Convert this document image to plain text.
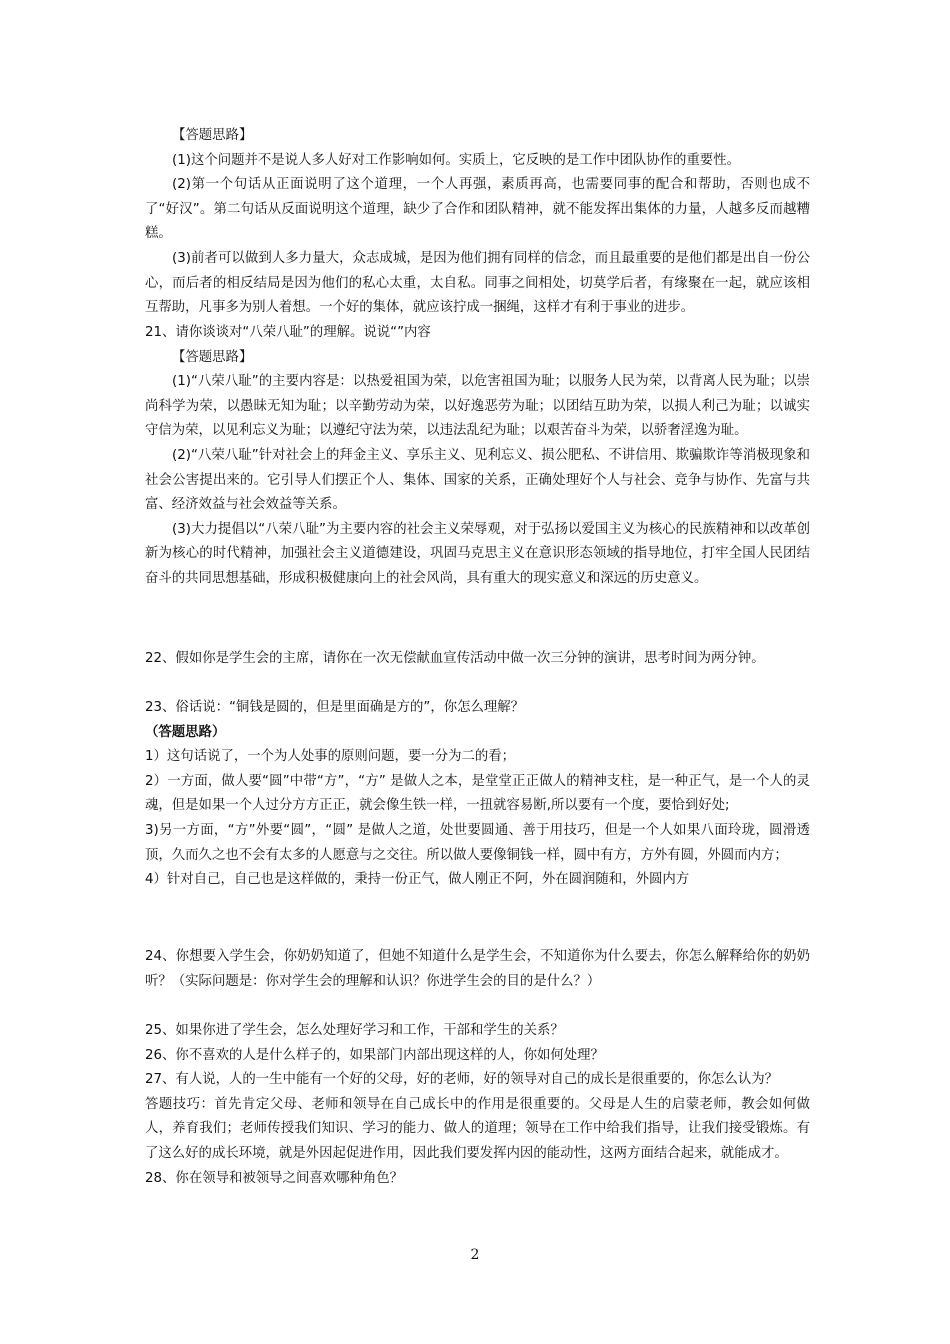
【答题思路】

(1)这个问题并不是说人多人好对工作影响如何。实质上，它反映的是工作中团队协作的重要性。

(2)第一个句话从正面说明了这个道理，一个人再强，素质再高，也需要同事的配合和帮助，否则也成不了“好汉”。第二句话从反面说明这个道理，缺少了合作和团队精神，就不能发挥出集体的力量，人越多反而越糟糕。

(3)前者可以做到人多力量大，众志成城，是因为他们拥有同样的信念，而且最重要的是他们都是出自一份公心，而后者的相反结局是因为他们的私心太重，太自私。同事之间相处，切莫学后者，有缘聚在一起，就应该相互帮助，凡事多为别人着想。一个好的集体，就应该拧成一捆绳，这样才有利于事业的进步。

21、请你谈谈对“八荣八耻”的理解。说说“”内容

【答题思路】

(1)“八荣八耻”的主要内容是：以热爱祖国为荣，以危害祖国为耻；以服务人民为荣，以背离人民为耻；以崇尚科学为荣，以愚昧无知为耻；以辛勤劳动为荣，以好逸恶劳为耻；以团结互助为荣，以损人利己为耻；以诚实守信为荣，以见利忘义为耻；以遵纪守法为荣，以违法乱纪为耻；以艰苦奋斗为荣，以骄奢淫逸为耻。

(2)“八荣八耻”针对社会上的拜金主义、享乐主义、见利忘义、损公肥私、不讲信用、欺骗欺诈等消极现象和社会公害提出来的。它引导人们摆正个人、集体、国家的关系，正确处理好个人与社会、竞争与协作、先富与共富、经济效益与社会效益等关系。

(3)大力提倡以“八荣八耻”为主要内容的社会主义荣辱观，对于弘扬以爱国主义为核心的民族精神和以改革创新为核心的时代精神，加强社会主义道德建设，巩固马克思主义在意识形态领域的指导地位，打牢全国人民团结奋斗的共同思想基础，形成积极健康向上的社会风尚，具有重大的现实意义和深远的历史意义。

22、假如你是学生会的主席，请你在一次无偿献血宣传活动中做一次三分钟的演讲，思考时间为两分钟。

23、俗话说：“铜钱是圆的，但是里面确是方的”，你怎么理解？

（答题思路）

1）这句话说了，一个为人处事的原则问题，要一分为二的看；

2）一方面，做人要“圆”中带“方”，“方” 是做人之本，是堂堂正正做人的精神支柱，是一种正气，是一个人的灵魂，但是如果一个人过分方方正正，就会像生铁一样，一扭就容易断,所以要有一个度，要恰到好处;

3)另一方面，“方”外要“圆”，“圆” 是做人之道，处世要圆通、善于用技巧，但是一个人如果八面玲珑，圆滑透顶，久而久之也不会有太多的人愿意与之交往。所以做人要像铜钱一样，圆中有方，方外有圆，外圆而内方；

4）针对自己，自己也是这样做的，秉持一份正气，做人刚正不阿，外在圆润随和，外圆内方

24、你想要入学生会，你奶奶知道了，但她不知道什么是学生会，不知道你为什么要去，你怎么解释给你的奶奶听？（实际问题是：你对学生会的理解和认识？你进学生会的目的是什么？）

25、如果你进了学生会，怎么处理好学习和工作，干部和学生的关系？

26、你不喜欢的人是什么样子的，如果部门内部出现这样的人，你如何处理？

27、有人说，人的一生中能有一个好的父母，好的老师，好的领导对自己的成长是很重要的，你怎么认为？

答题技巧：首先肯定父母、老师和领导在自己成长中的作用是很重要的。父母是人生的启蒙老师，教会如何做人，养育我们；老师传授我们知识、学习的能力、做人的道理；领导在工作中给我们指导，让我们接受锻炼。有了这么好的成长环境，就是外因起促进作用，因此我们要发挥内因的能动性，这两方面结合起来，就能成才。

28、你在领导和被领导之间喜欢哪种角色？

2
